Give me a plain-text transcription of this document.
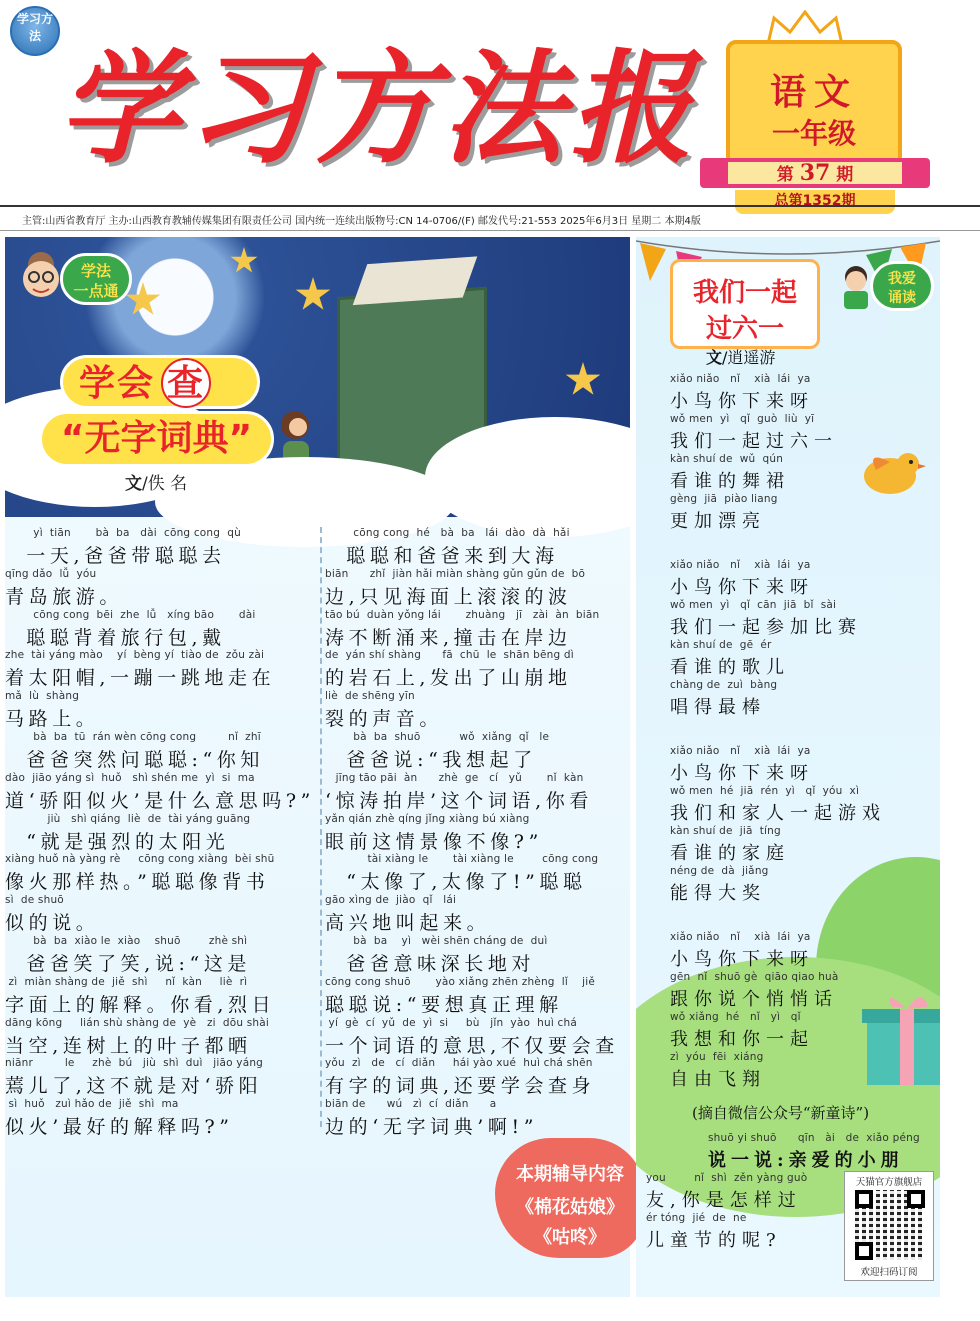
学习方法
学习方法报	语文
一年级
第 37 期
总第1352期
主管:山西省教育厅 主办:山西教育教辅传媒集团有限责任公司 国内统一连续出版物号:CN 14-0706/(F) 邮发代号:21-553 2025年6月3日 星期二 本期4版
学法
一点通
学会 查
“无字词典”
文/佚 名
yì  tiān       bà  ba   dài  cōng cong  qù
一天,爸爸带聪聪去
qīng dǎo  lǚ  yóu
青岛旅游。
cōng cong  bēi  zhe  lǚ   xíng bāo       dài
聪聪背着旅行包,戴
zhe  tài yáng mào    yí  bèng yí  tiào de  zǒu zài
着太阳帽,一蹦一跳地走在
mǎ  lù  shàng
马路上。
bà  ba  tū  rán wèn cōng cong         nǐ  zhī
爸爸突然问聪聪:“你知
dào  jiāo yáng sì  huǒ   shì shén me  yì  si  ma
道‘骄阳似火’是什么意思吗?”
jiù   shì qiáng  liè  de  tài yáng guāng
“就是强烈的太阳光
xiàng huǒ nà yàng rè     cōng cong xiàng  bèi shū
像火那样热。”聪聪像背书
sì  de shuō
似的说。
bà  ba  xiào le  xiào    shuō        zhè shì
爸爸笑了笑,说:“这是
zì  miàn shàng de  jiě  shì     nǐ  kàn     liè  rì
字面上的解释。你看,烈日
dāng kōng     lián shù shàng de  yè   zi  dōu shài
当空,连树上的叶子都晒
niānr         le     zhè  bú   jiù  shì  duì   jiāo yáng
蔫儿了,这不就是对‘骄阳
sì  huǒ   zuì hǎo de  jiě  shì  ma
似火’最好的解释吗?”
cōng cong  hé   bà  ba   lái  dào  dà  hǎi
聪聪和爸爸来到大海
biān      zhǐ  jiàn hǎi miàn shàng gǔn gǔn de  bō
边,只见海面上滚滚的波
tāo bú  duàn yǒng lái       zhuàng   jī   zài  àn  biān
涛不断涌来,撞击在岸边
de  yán shí shàng      fā  chū  le  shān bēng dì
的岩石上,发出了山崩地
liè  de shēng yīn
裂的声音。
bà  ba  shuō           wǒ  xiǎng  qǐ   le
爸爸说:“我想起了
jīng tāo pāi  àn      zhè  ge   cí   yǔ       nǐ  kàn
‘惊涛拍岸’这个词语,你看
yǎn qián zhè qíng jǐng xiàng bú xiàng
眼前这情景像不像?”
tài xiàng le       tài xiàng le        cōng cong
“太像了,太像了!”聪聪
gāo xìng de  jiào  qǐ   lái
高兴地叫起来。
bà  ba    yì   wèi shēn cháng de  duì
爸爸意味深长地对
cōng cong shuō       yào xiǎng zhēn zhèng  lǐ    jiě
聪聪说:“要想真正理解
yí  gè  cí  yǔ  de  yì  si     bù   jǐn  yào  huì chá
一个词语的意思,不仅要会查
yǒu  zì   de   cí  diǎn     hái yào xué  huì chá shēn
有字的词典,还要学会查身
biān de      wú   zì  cí  diǎn      a
边的‘无字词典’啊!”
本期辅导内容
《棉花姑娘》
《咕咚》
我们一起
过六一
我爱
诵读
文/逍遥游
xiǎo niǎo   nǐ    xià  lái  ya
小鸟你下来呀
wǒ men  yì   qǐ  guò  liù  yī
我们一起过六一
kàn shuí de  wǔ  qún
看谁的舞裙
gèng  jiā  piào liang
更加漂亮
xiǎo niǎo   nǐ    xià  lái  ya
小鸟你下来呀
wǒ men  yì   qǐ  cān  jiā  bǐ  sài
我们一起参加比赛
kàn shuí de  gē  ér
看谁的歌儿
chàng de  zuì  bàng
唱得最棒
xiǎo niǎo   nǐ    xià  lái  ya
小鸟你下来呀
wǒ men  hé  jiā  rén  yì   qǐ  yóu  xì
我们和家人一起游戏
kàn shuí de  jiā  tíng
看谁的家庭
néng de  dà  jiǎng
能得大奖
xiǎo niǎo   nǐ    xià  lái  ya
小鸟你下来呀
gēn  nǐ  shuō gè  qiāo qiao huà
跟你说个悄悄话
wǒ xiǎng  hé   nǐ   yì   qǐ
我想和你一起
zì  yóu  fēi  xiáng
自由飞翔
(摘自微信公众号“新童诗”)
shuō yi shuō      qīn   ài   de  xiǎo péng
说一说:亲爱的小朋
you        nǐ  shì  zěn yàng guò
友,你是怎样过
ér tóng  jié  de  ne
儿童节的呢?
天猫官方旗舰店
欢迎扫码订阅
